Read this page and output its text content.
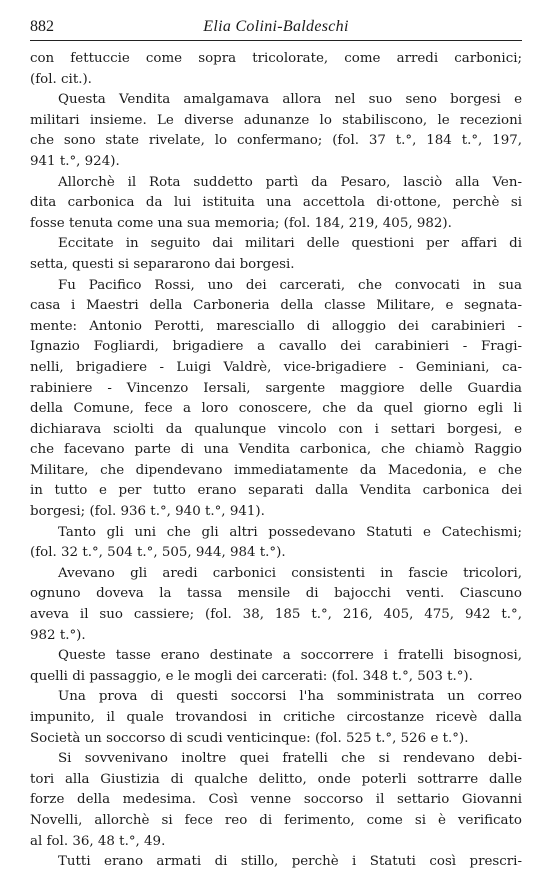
882	Elia Colini-Baldeschi
con fettuccie come sopra tricolorate, come arredi carbonici;
(fol. cit.).
Questa Vendita amalgamava allora nel suo seno borgesi e
militari insieme. Le diverse adunanze lo stabiliscono, le recezioni
che sono state rivelate, lo confermano; (fol. 37 t.°, 184 t.°, 197,
941 t.°, 924).
Allorchè il Rota suddetto partì da Pesaro, lasciò alla Ven-
dita carbonica da lui istituita una accettola di·ottone, perchè si
fosse tenuta come una sua memoria; (fol. 184, 219, 405, 982).
Eccitate in seguito dai militari delle questioni per affari di
setta, questi si separarono dai borgesi.
Fu Pacifico Rossi, uno dei carcerati, che convocati in sua
casa i Maestri della Carboneria della classe Militare, e segnata-
mente: Antonio Perotti, maresciallo di alloggio dei carabinieri -
Ignazio Fogliardi, brigadiere a cavallo dei carabinieri - Fragi-
nelli, brigadiere - Luigi Valdrè, vice-brigadiere - Geminiani, ca-
rabiniere - Vincenzo Iersali, sargente maggiore delle Guardia
della Comune, fece a loro conoscere, che da quel giorno egli li
dichiarava sciolti da qualunque vincolo con i settari borgesi, e
che facevano parte di una Vendita carbonica, che chiamò Raggio
Militare, che dipendevano immediatamente da Macedonia, e che
in tutto e per tutto erano separati dalla Vendita carbonica dei
borgesi; (fol. 936 t.°, 940 t.°, 941).
Tanto gli uni che gli altri possedevano Statuti e Catechismi;
(fol. 32 t.°, 504 t.°, 505, 944, 984 t.°).
Avevano gli aredi carbonici consistenti in fascie tricolori,
ognuno doveva la tassa mensile di bajocchi venti. Ciascuno
aveva il suo cassiere; (fol. 38, 185 t.°, 216, 405, 475, 942 t.°,
982 t.°).
Queste tasse erano destinate a soccorrere i fratelli bisognosi,
quelli di passaggio, e le mogli dei carcerati: (fol. 348 t.°, 503 t.°).
Una prova di questi soccorsi l'ha somministrata un correo
impunito, il quale trovandosi in critiche circostanze ricevè dalla
Società un soccorso di scudi venticinque: (fol. 525 t.°, 526 e t.°).
Si sovvenivano inoltre quei fratelli che si rendevano debi-
tori alla Giustizia di qualche delitto, onde poterli sottrarre dalle
forze della medesima. Così venne soccorso il settario Giovanni
Novelli, allorchè si fece reo di ferimento, come si è verificato
al fol. 36, 48 t.°, 49.
Tutti erano armati di stillo, perchè i Statuti così prescri-
